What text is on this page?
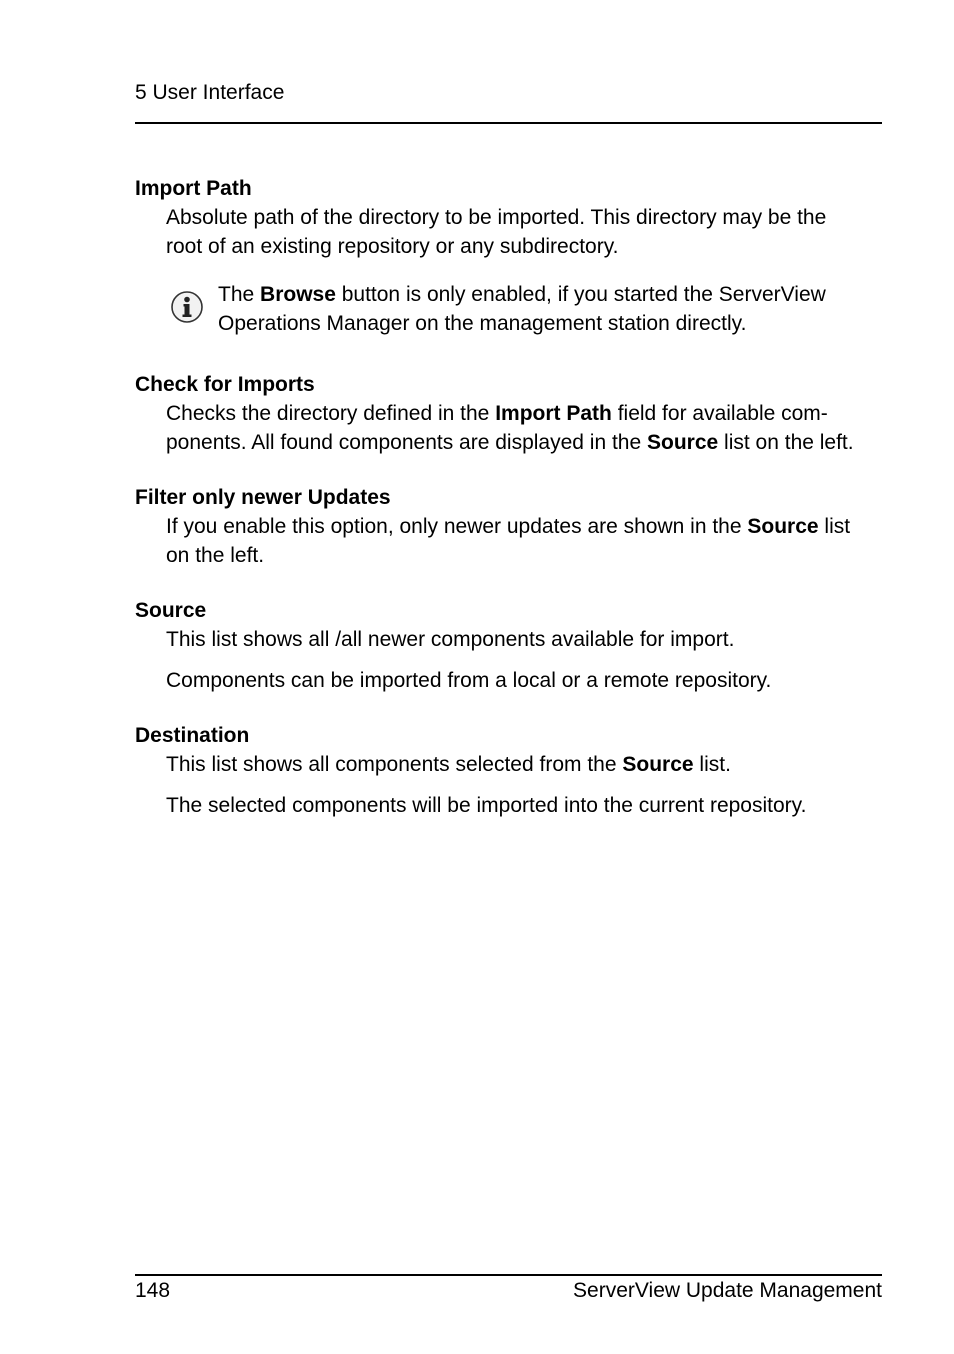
5 User Interface
Import Path
Absolute path of the directory to be imported. This directory may be the
root of an existing repository or any subdirectory.
The Browse button is only enabled, if you started the ServerView
Operations Manager on the management station directly.
Check for Imports
Checks the directory defined in the Import Path field for available com-
ponents. All found components are displayed in the Source list on the left.
Filter only newer Updates
If you enable this option, only newer updates are shown in the Source list
on the left.
Source
This list shows all /all newer components available for import.
Components can be imported from a local or a remote repository.
Destination
This list shows all components selected from the Source list.
The selected components will be imported into the current repository.
148	ServerView Update Management
